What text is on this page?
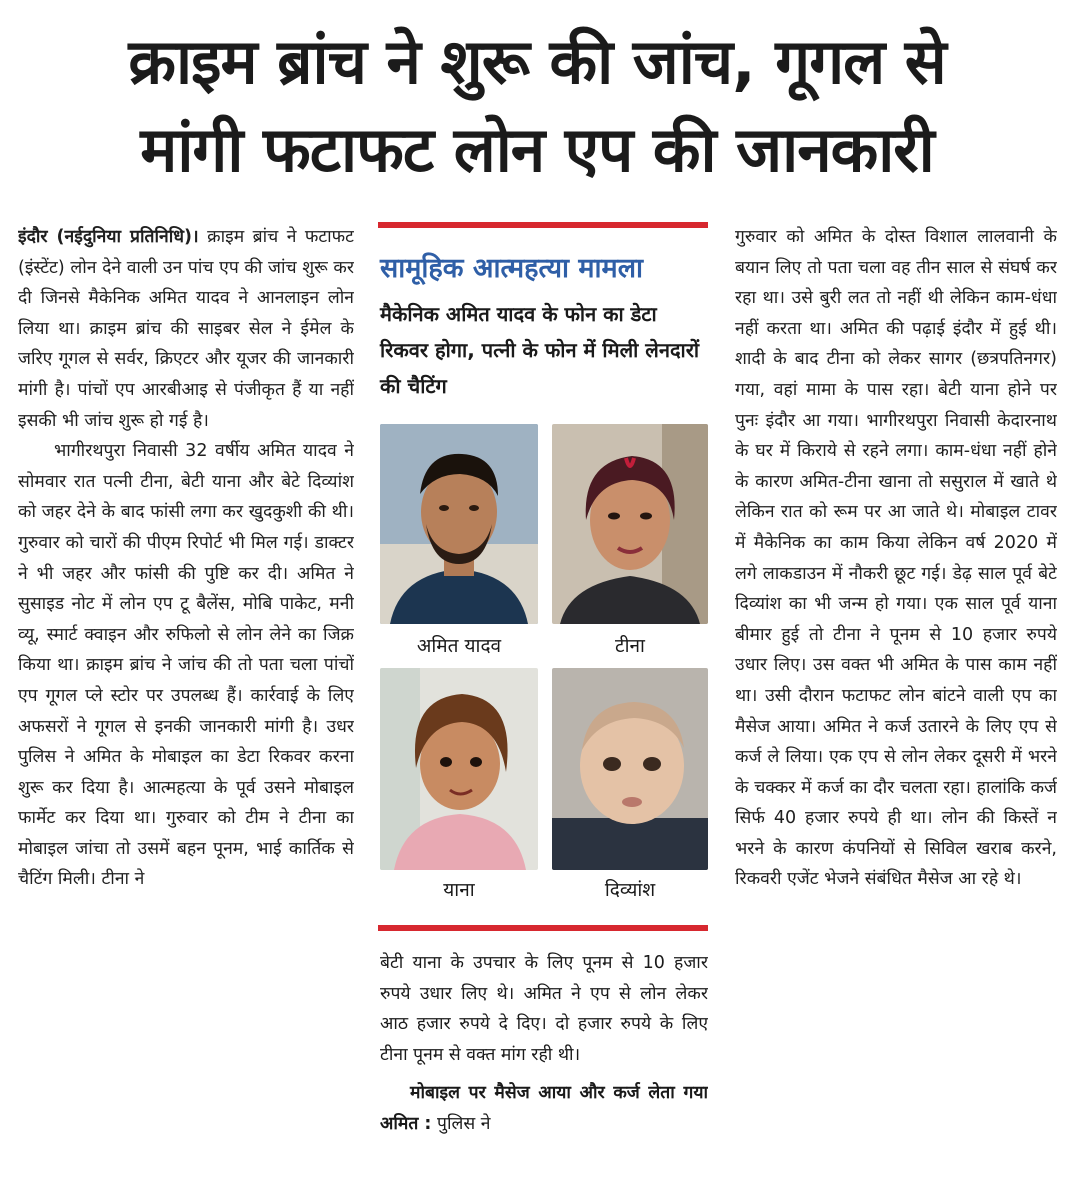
क्राइम ब्रांच ने शुरू की जांच, गूगल से
मांगी फटाफट लोन एप की जानकारी

इंदौर (नईदुनिया प्रतिनिधि)। क्राइम ब्रांच ने फटाफट (इंस्टेंट) लोन देने वाली उन पांच एप की जांच शुरू कर दी जिनसे मैकेनिक अमित यादव ने आनलाइन लोन लिया था। क्राइम ब्रांच की साइबर सेल ने ईमेल के जरिए गूगल से सर्वर, क्रिएटर और यूजर की जानकारी मांगी है। पांचों एप आरबीआइ से पंजीकृत हैं या नहीं इसकी भी जांच शुरू हो गई है।

भागीरथपुरा निवासी 32 वर्षीय अमित यादव ने सोमवार रात पत्नी टीना, बेटी याना और बेटे दिव्यांश को जहर देने के बाद फांसी लगा कर खुदकुशी की थी। गुरुवार को चारों की पीएम रिपोर्ट भी मिल गई। डाक्टर ने भी जहर और फांसी की पुष्टि कर दी। अमित ने सुसाइड नोट में लोन एप टू बैलेंस, मोबि पाकेट, मनी व्यू, स्मार्ट क्वाइन और रुफिलो से लोन लेने का जिक्र किया था। क्राइम ब्रांच ने जांच की तो पता चला पांचों एप गूगल प्ले स्टोर पर उपलब्ध हैं। कार्रवाई के लिए अफसरों ने गूगल से इनकी जानकारी मांगी है। उधर पुलिस ने अमित के मोबाइल का डेटा रिकवर करना शुरू कर दिया है। आत्महत्या के पूर्व उसने मोबाइल फार्मेट कर दिया था। गुरुवार को टीम ने टीना का मोबाइल जांचा तो उसमें बहन पूनम, भाई कार्तिक से चैटिंग मिली। टीना ने

सामूहिक आत्महत्या मामला
मैकेनिक अमित यादव के फोन का डेटा रिकवर होगा, पत्नी के फोन में मिली लेनदारों की चैटिंग
अमित यादव	टीना
याना	दिव्यांश

बेटी याना के उपचार के लिए पूनम से 10 हजार रुपये उधार लिए थे। अमित ने एप से लोन लेकर आठ हजार रुपये दे दिए। दो हजार रुपये के लिए टीना पूनम से वक्त मांग रही थी।

मोबाइल पर मैसेज आया और कर्ज लेता गया अमित : पुलिस ने

गुरुवार को अमित के दोस्त विशाल लालवानी के बयान लिए तो पता चला वह तीन साल से संघर्ष कर रहा था। उसे बुरी लत तो नहीं थी लेकिन काम-धंधा नहीं करता था। अमित की पढ़ाई इंदौर में हुई थी। शादी के बाद टीना को लेकर सागर (छत्रपतिनगर) गया, वहां मामा के पास रहा। बेटी याना होने पर पुनः इंदौर आ गया। भागीरथपुरा निवासी केदारनाथ के घर में किराये से रहने लगा। काम-धंधा नहीं होने के कारण अमित-टीना खाना तो ससुराल में खाते थे लेकिन रात को रूम पर आ जाते थे। मोबाइल टावर में मैकेनिक का काम किया लेकिन वर्ष 2020 में लगे लाकडाउन में नौकरी छूट गई। डेढ़ साल पूर्व बेटे दिव्यांश का भी जन्म हो गया। एक साल पूर्व याना बीमार हुई तो टीना ने पूनम से 10 हजार रुपये उधार लिए। उस वक्त भी अमित के पास काम नहीं था। उसी दौरान फटाफट लोन बांटने वाली एप का मैसेज आया। अमित ने कर्ज उतारने के लिए एप से कर्ज ले लिया। एक एप से लोन लेकर दूसरी में भरने के चक्कर में कर्ज का दौर चलता रहा। हालांकि कर्ज सिर्फ 40 हजार रुपये ही था। लोन की किस्तें न भरने के कारण कंपनियों से सिविल खराब करने, रिकवरी एजेंट भेजने संबंधित मैसेज आ रहे थे।
